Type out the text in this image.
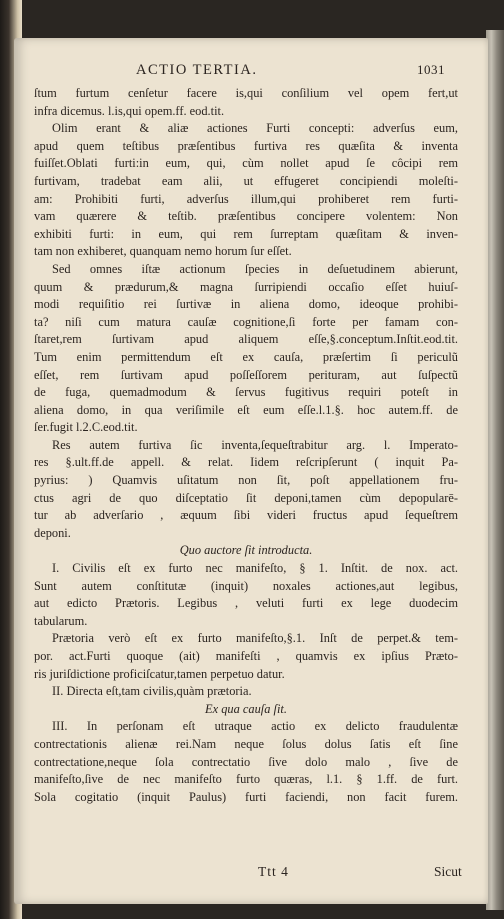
ACTIO TERTIA.	1031
ſtum furtum cenſetur facere is,qui conſilium vel opem fert,ut
infra dicemus. l.is,qui opem.ff. eod.tit.
Olim erant & aliæ actiones Furti concepti: adverſus eum,
apud quem teſtibus præſentibus furtiva res quæſita & inventa
fuiſſet.Oblati furti:in eum, qui, cùm nollet apud ſe côcipi rem
furtivam, tradebat eam alii, ut effugeret concipiendi moleſti-
am: Prohibiti furti, adverſus illum,qui prohiberet rem furti-
vam quærere & teſtib. præſentibus concipere volentem: Non
exhibiti furti: in eum, qui rem ſurreptam quæſitam & inven-
tam non exhiberet, quanquam nemo horum ſur eſſet.
Sed omnes iſtæ actionum ſpecies in deſuetudinem abierunt,
quum & prædurum,& magna ſurripiendi occaſio eſſet huiuſ-
modi requiſitio rei ſurtivæ in aliena domo, ideoque prohibi-
ta? niſi cum matura cauſæ cognitione,ſi forte per famam con-
ſtaret,rem ſurtivam apud aliquem eſſe,§.conceptum.Inſtit.eod.tit.
Tum enim permittendum eſt ex cauſa, præſertim ſi periculũ
eſſet, rem ſurtivam apud poſſeſſorem perituram, aut ſuſpectũ
de fuga, quemadmodum & ſervus fugitivus requiri poteſt in
aliena domo, in qua veriſimile eſt eum eſſe.l.1.§. hoc autem.ff. de
ſer.fugit l.2.C.eod.tit.
Res autem furtiva ſic inventa,ſequeſtrabitur arg. l. Imperato-
res §.ult.ff.de appell. & relat. Iidem reſcripſerunt ( inquit Pa-
pyrius: ) Quamvis uſitatum non ſit, poſt appellationem fru-
ctus agri de quo diſceptatio ſit deponi,tamen cùm depopularē-
tur ab adverſario , æquum ſibi videri fructus apud ſequeſtrem
deponi.
Quo auctore ſit introducta.
I. Civilis eſt ex furto nec manifeſto, § 1. Inſtit. de nox. act.
Sunt autem conſtitutæ (inquit) noxales actiones,aut legibus,
aut edicto Prætoris. Legibus , veluti furti ex lege duodecim
tabularum.
Prætoria verò eſt ex furto manifeſto,§.1. Inſt de perpet.& tem-
por. act.Furti quoque (ait) manifeſti , quamvis ex ipſius Præto-
ris juriſdictione proficiſcatur,tamen perpetuo datur.
II. Directa eſt,tam civilis,quàm prætoria.
Ex qua cauſa ſit.
III. In perſonam eſt utraque actio ex delicto fraudulentæ
contrectationis alienæ rei.Nam neque ſolus dolus ſatis eſt ſine
contrectatione,neque ſola contrectatio ſive dolo malo , ſive de
manifeſto,ſive de nec manifeſto furto quæras, l.1. § 1.ff. de furt.
Sola cogitatio (inquit Paulus) furti faciendi, non facit furem.
Ttt 4	Sicut
